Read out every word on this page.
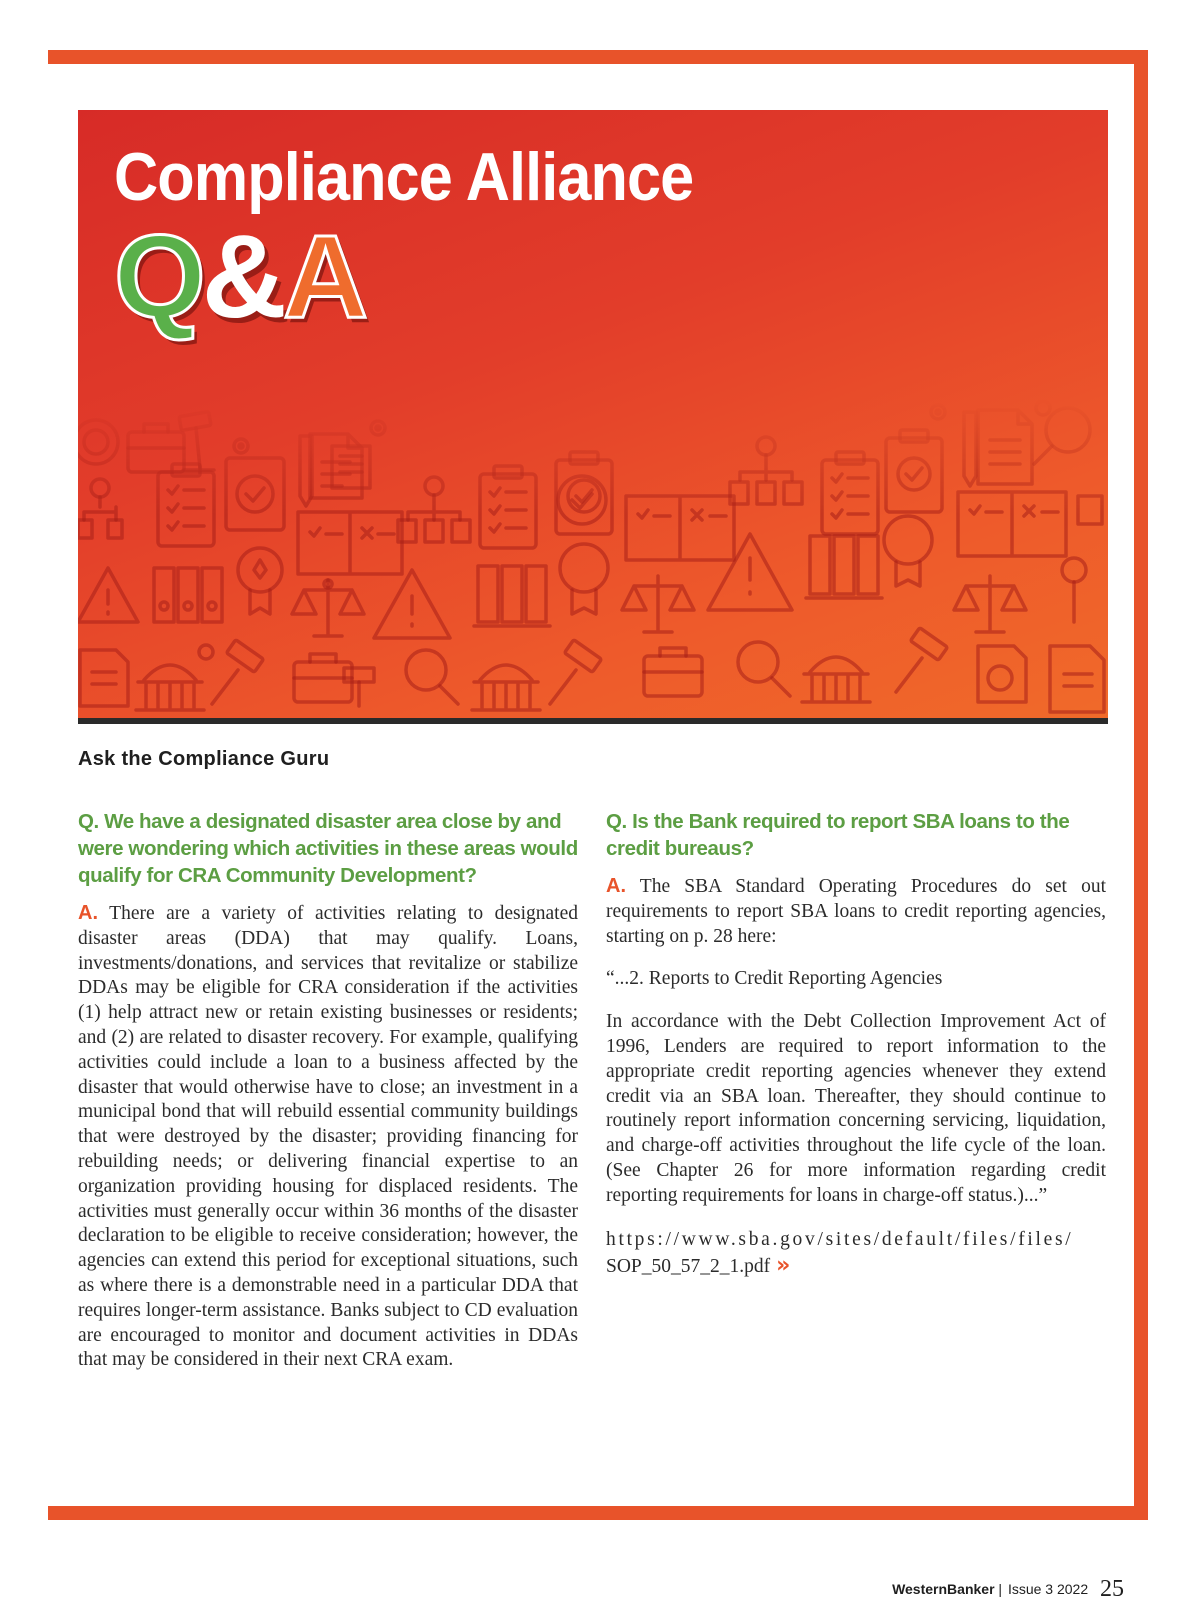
Compliance Alliance
Q&A
Ask the Compliance Guru
Q. We have a designated disaster area close by and were wondering which activities in these areas would qualify for CRA Community Development?

A. There are a variety of activities relating to designated disaster areas (DDA) that may qualify. Loans, investments/donations, and services that revitalize or stabilize DDAs may be eligible for CRA consideration if the activities (1) help attract new or retain existing businesses or residents; and (2) are related to disaster recovery. For example, qualifying activities could include a loan to a business affected by the disaster that would otherwise have to close; an investment in a municipal bond that will rebuild essential community buildings that were destroyed by the disaster; providing financing for rebuilding needs; or delivering financial expertise to an organization providing housing for displaced residents. The activities must generally occur within 36 months of the disaster declaration to be eligible to receive consideration; however, the agencies can extend this period for exceptional situations, such as where there is a demonstrable need in a particular DDA that requires longer-term assistance. Banks subject to CD evaluation are encouraged to monitor and document activities in DDAs that may be considered in their next CRA exam.

Q. Is the Bank required to report SBA loans to the credit bureaus?

A. The SBA Standard Operating Procedures do set out requirements to report SBA loans to credit reporting agencies, starting on p. 28 here:

“...2. Reports to Credit Reporting Agencies

In accordance with the Debt Collection Improvement Act of 1996, Lenders are required to report information to the appropriate credit reporting agencies whenever they extend credit via an SBA loan. Thereafter, they should continue to routinely report information concerning servicing, liquidation, and charge-off activities throughout the life cycle of the loan. (See Chapter 26 for more information regarding credit reporting requirements for loans in charge-off status.)...”

https://www.sba.gov/sites/default/files/files/
SOP_50_57_2_1.pdf »

WesternBanker | Issue 3 2022 25
